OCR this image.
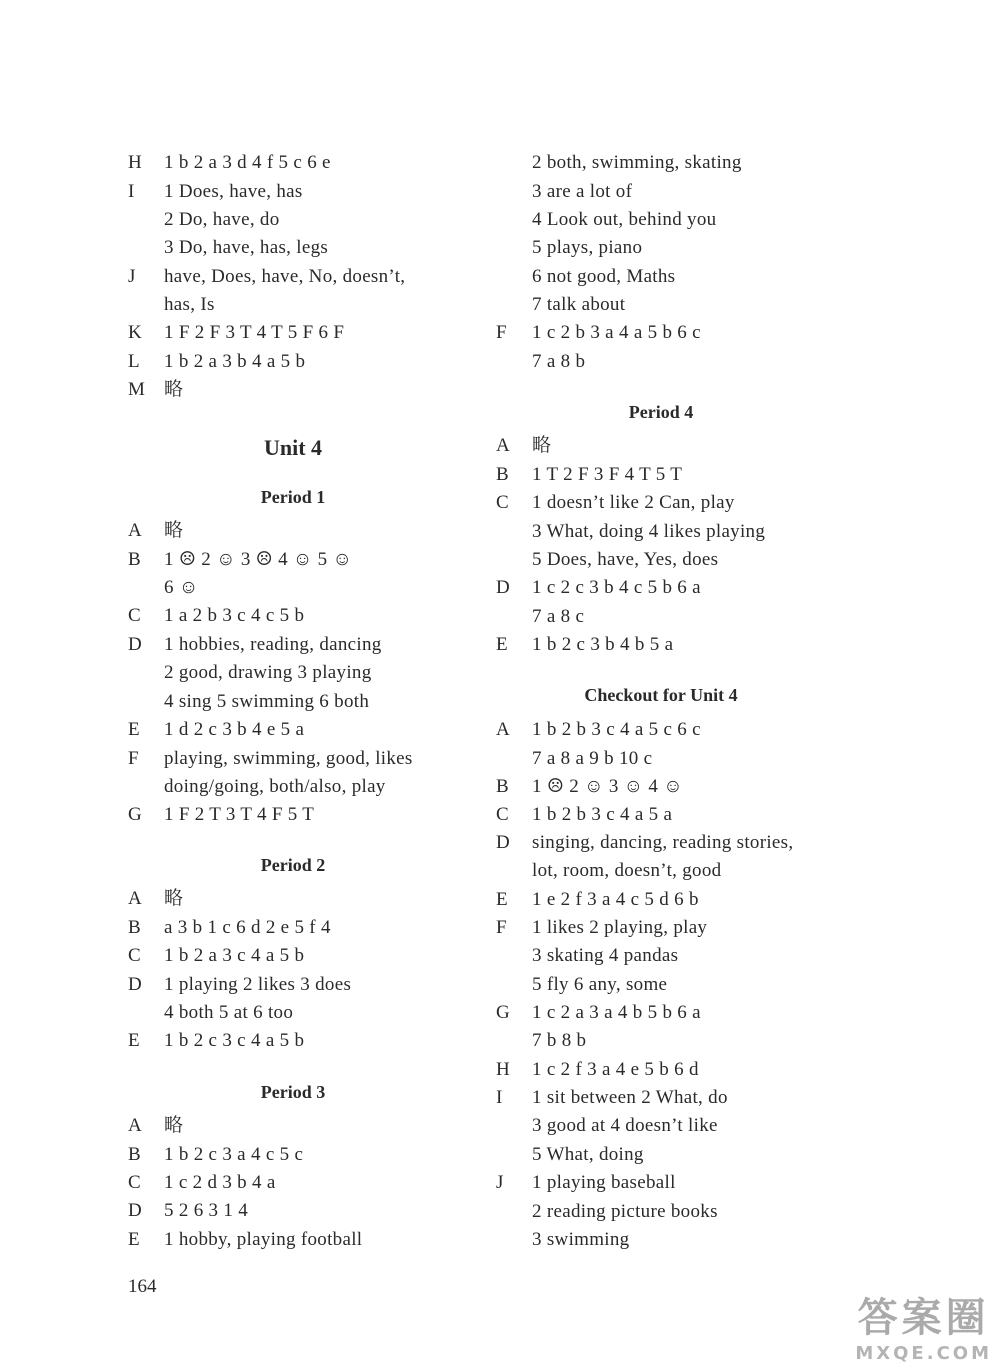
H	1 b 2 a 3 d 4 f 5 c 6 e
I	1 Does, have, has
2 Do, have, do
3 Do, have, has, legs
J	have, Does, have, No, doesn’t,
has, Is
K	1 F 2 F 3 T 4 T 5 F 6 F
L	1 b 2 a 3 b 4 a 5 b
M 略
Unit 4
Period 1
A	略
B	1 ☹ 2 ☺ 3 ☹ 4 ☺ 5 ☺
6 ☺
C	1 a 2 b 3 c 4 c 5 b
D	1 hobbies, reading, dancing
2 good, drawing 3 playing
4 sing 5 swimming 6 both
E	1 d 2 c 3 b 4 e 5 a
F	playing, swimming, good, likes
doing/going, both/also, play
G	1 F 2 T 3 T 4 F 5 T
Period 2
A	略
B	a 3 b 1 c 6 d 2 e 5 f 4
C	1 b 2 a 3 c 4 a 5 b
D	1 playing 2 likes 3 does
4 both 5 at 6 too
E	1 b 2 c 3 c 4 a 5 b
Period 3
A	略
B	1 b 2 c 3 a 4 c 5 c
C	1 c 2 d 3 b 4 a
D	5 2 6 3 1 4
E	1 hobby, playing football
2 both, swimming, skating
3 are a lot of
4 Look out, behind you
5 plays, piano
6 not good, Maths
7 talk about
F	1 c 2 b 3 a 4 a 5 b 6 c
7 a 8 b
Period 4
A	略
B	1 T 2 F 3 F 4 T 5 T
C	1 doesn’t like 2 Can, play
3 What, doing 4 likes playing
5 Does, have, Yes, does
D	1 c 2 c 3 b 4 c 5 b 6 a
7 a 8 c
E	1 b 2 c 3 b 4 b 5 a
Checkout for Unit 4
A	1 b 2 b 3 c 4 a 5 c 6 c
7 a 8 a 9 b 10 c
B	1 ☹ 2 ☺ 3 ☺ 4 ☺
C	1 b 2 b 3 c 4 a 5 a
D	singing, dancing, reading stories,
lot, room, doesn’t, good
E	1 e 2 f 3 a 4 c 5 d 6 b
F	1 likes 2 playing, play
3 skating 4 pandas
5 fly 6 any, some
G	1 c 2 a 3 a 4 b 5 b 6 a
7 b 8 b
H	1 c 2 f 3 a 4 e 5 b 6 d
I	1 sit between 2 What, do
3 good at 4 doesn’t like
5 What, doing
J	1 playing baseball
2 reading picture books
3 swimming
164
答案圈
MXQE.COM
